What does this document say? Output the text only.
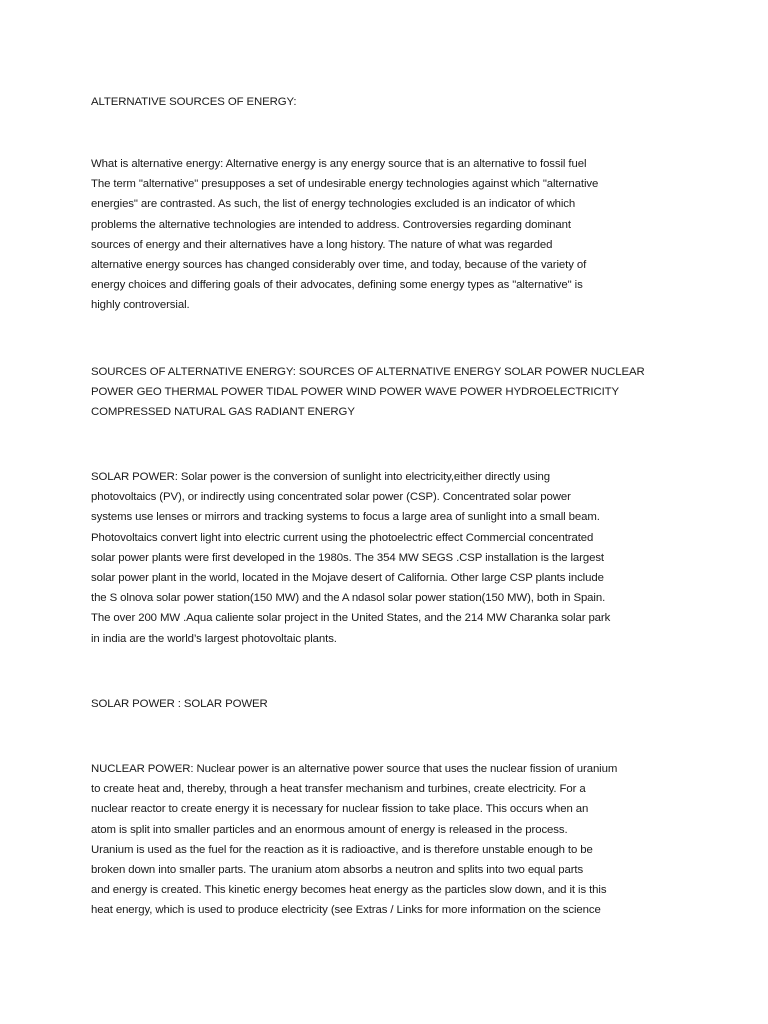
ALTERNATIVE SOURCES OF ENERGY:

What is alternative energy: Alternative energy is any energy source that is an alternative to fossil fuel
The term "alternative" presupposes a set of undesirable energy technologies against which "alternative
energies" are contrasted. As such, the list of energy technologies excluded is an indicator of which
problems the alternative technologies are intended to address. Controversies regarding dominant
sources of energy and their alternatives have a long history. The nature of what was regarded
alternative energy sources has changed considerably over time, and today, because of the variety of
energy choices and differing goals of their advocates, defining some energy types as "alternative" is
highly controversial.

SOURCES OF ALTERNATIVE ENERGY: SOURCES OF ALTERNATIVE ENERGY SOLAR POWER NUCLEAR
POWER GEO THERMAL POWER TIDAL POWER WIND POWER WAVE POWER HYDROELECTRICITY
COMPRESSED NATURAL GAS RADIANT ENERGY

SOLAR POWER: Solar power is the conversion of sunlight into electricity,either directly using
photovoltaics (PV), or indirectly using concentrated solar power (CSP). Concentrated solar power
systems use lenses or mirrors and tracking systems to focus a large area of sunlight into a small beam.
Photovoltaics convert light into electric current using the photoelectric effect Commercial concentrated
solar power plants were first developed in the 1980s. The 354 MW SEGS .CSP installation is the largest
solar power plant in the world, located in the Mojave desert of California. Other large CSP plants include
the S olnova solar power station(150 MW) and the A ndasol solar power station(150 MW), both in Spain.
The over 200 MW .Aqua caliente solar project in the United States, and the 214 MW Charanka solar park
in india are the world’s largest photovoltaic plants.

SOLAR POWER : SOLAR POWER

NUCLEAR POWER: Nuclear power is an alternative power source that uses the nuclear fission of uranium
to create heat and, thereby, through a heat transfer mechanism and turbines, create electricity. For a
nuclear reactor to create energy it is necessary for nuclear fission to take place. This occurs when an
atom is split into smaller particles and an enormous amount of energy is released in the process.
Uranium is used as the fuel for the reaction as it is radioactive, and is therefore unstable enough to be
broken down into smaller parts. The uranium atom absorbs a neutron and splits into two equal parts
and energy is created. This kinetic energy becomes heat energy as the particles slow down, and it is this
heat energy, which is used to produce electricity (see Extras / Links for more information on the science
